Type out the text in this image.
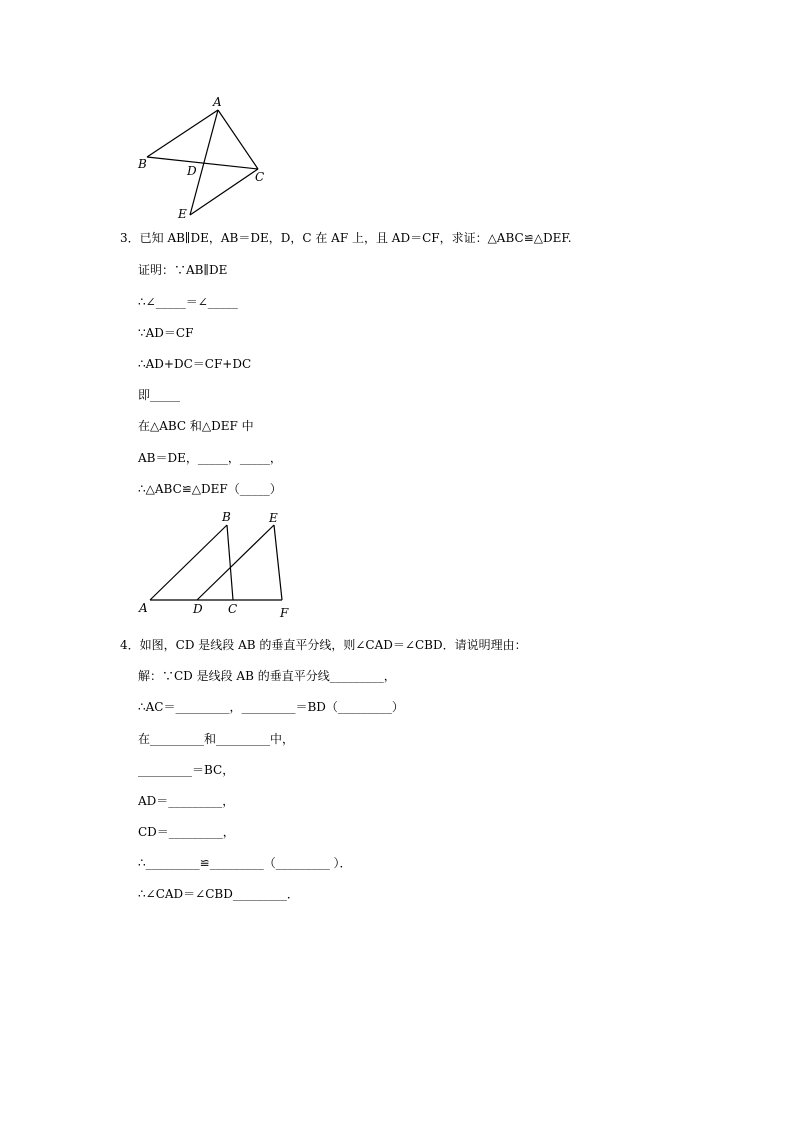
A
B	D	C
E
3．已知 AB∥DE，AB＝DE，D，C 在 AF 上，且 AD＝CF，求证：△ABC≌△DEF.
证明：∵AB∥DE
∴∠_____＝∠_____
∵AD＝CF
∴AD+DC＝CF+DC
即_____
在△ABC 和△DEF 中
AB＝DE，_____，_____，
∴△ABC≌△DEF（_____）
B	E
A	D C	F
4．如图，CD 是线段 AB 的垂直平分线，则∠CAD＝∠CBD．请说明理由：
解：∵CD 是线段 AB 的垂直平分线_________，
∴AC＝_________，_________＝BD（_________）
在_________和_________中，
_________＝BC，
AD＝_________，
CD＝_________，
∴_________≌_________（_________ ）．
∴∠CAD＝∠CBD_________．
